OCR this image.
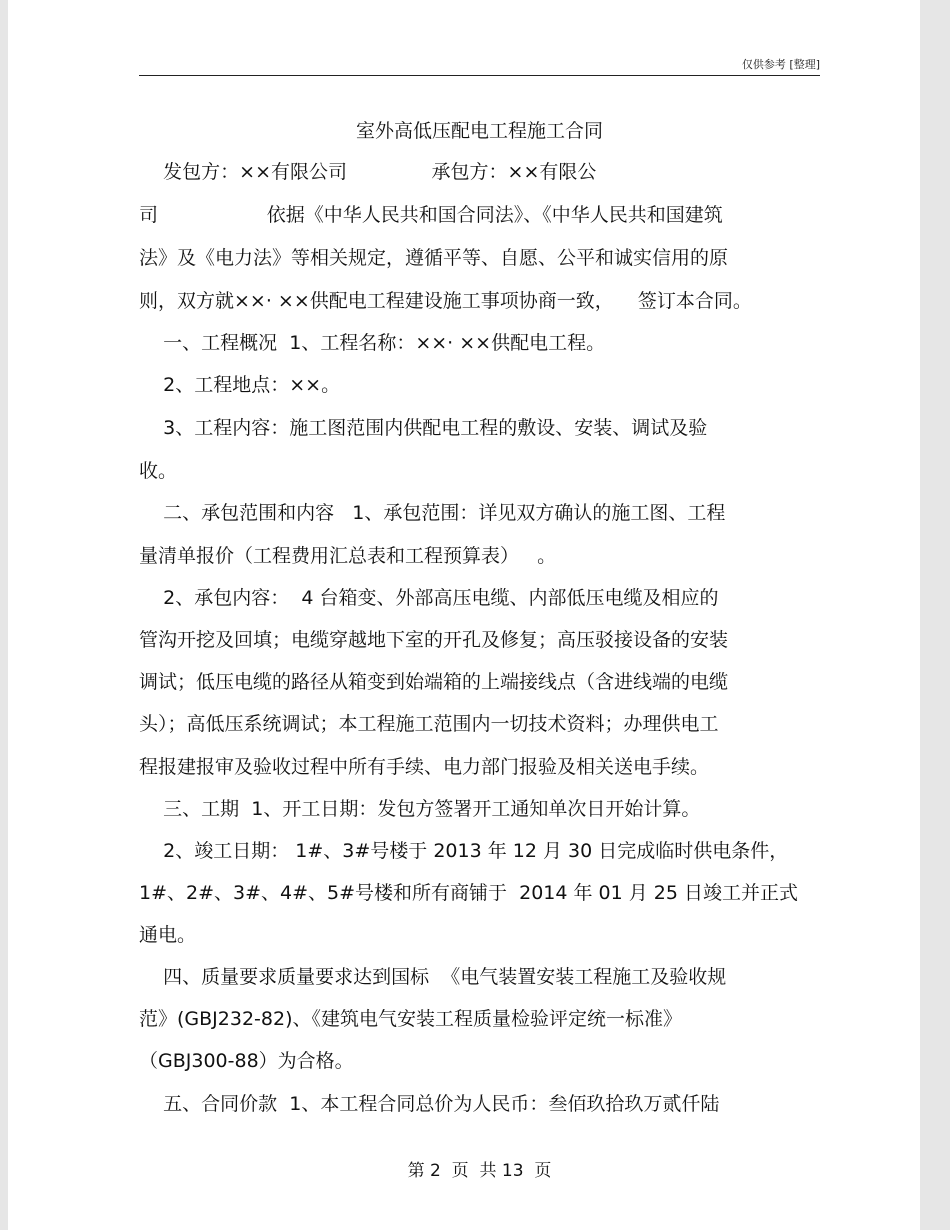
仅供参考 [整理]
室外高低压配电工程施工合同
发包方：××有限公司              承包方：××有限公
司                  依据《中华人民共和国合同法》、《中华人民共和国建筑
法》及《电力法》等相关规定，遵循平等、自愿、公平和诚实信用的原
则，双方就××· ××供配电工程建设施工事项协商一致，    签订本合同。
一、工程概况  1、工程名称：××· ××供配电工程。
2、工程地点：××。
3、工程内容：施工图范围内供配电工程的敷设、安装、调试及验
收。
二、承包范围和内容   1、承包范围：详见双方确认的施工图、工程
量清单报价（工程费用汇总表和工程预算表）   。
2、承包内容：  4 台箱变、外部高压电缆、内部低压电缆及相应的
管沟开挖及回填；电缆穿越地下室的开孔及修复；高压驳接设备的安装
调试；低压电缆的路径从箱变到始端箱的上端接线点（含进线端的电缆
头）；高低压系统调试；本工程施工范围内一切技术资料；办理供电工
程报建报审及验收过程中所有手续、电力部门报验及相关送电手续。
三、工期  1、开工日期：发包方签署开工通知单次日开始计算。
2、竣工日期： 1#、3#号楼于 2013 年 12 月 30 日完成临时供电条件，
1#、2#、3#、4#、5#号楼和所有商铺于  2014 年 01 月 25 日竣工并正式
通电。
四、质量要求质量要求达到国标  《电气装置安装工程施工及验收规
范》(GBJ232-82)、《建筑电气安装工程质量检验评定统一标准》
（GBJ300-88）为合格。
五、合同价款  1、本工程合同总价为人民币：叁佰玖拾玖万贰仟陆
第 2  页  共 13  页
